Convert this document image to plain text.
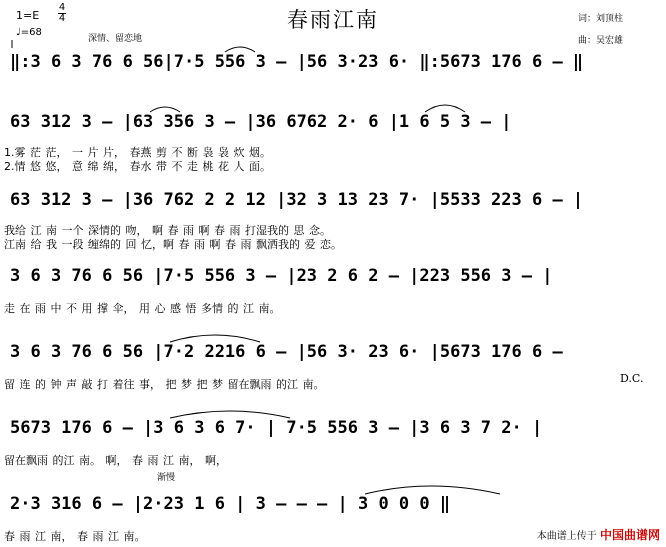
春雨江南
1=E
4
4
♩=68
深情、留恋地
词：刘顶柱
曲：吴宏雄
‖:3 6 3 76 6 56|7·5 556 3 – |56 3·23 6· ‖:5673 176 6 – ‖
63 312 3 – |63 356 3 – |36 6762 2· 6 |1 6 5 3 – |
1.雾 茫 茫， 一 片 片， 春燕 剪 不 断 袅 袅 炊 烟。
2.情 悠 悠， 意 绵 绵， 春水 带 不 走 桃 花 人 面。
63 312 3 – |36 762 2 2 12 |32 3 13 23 7· |5533 223 6 – |
我给 江 南 一个 深情的 吻， 啊 春 雨 啊 春 雨 打湿我的 思 念。
江南 给 我 一段 缠绵的 回 忆，啊 春 雨 啊 春 雨 飘洒我的 爱 恋。
3 6 3 76 6 56 |7·5 556 3 – |23 2 6 2 – |223 556 3 – |
走 在 雨 中 不 用 撑 伞， 用 心 感 悟 多情 的 江 南。
3 6 3 76 6 56 |7·2 2216 6 – |56 3· 23 6· |5673 176 6 –
留 连 的 钟 声 敲 打 着往 事， 把 梦 把 梦 留在飘雨 的江 南。	D.C.
5673 176 6 – |3 6 3 6 7· | 7·5 556 3 – |3 6 3 7 2· |
留在飘雨 的江 南。 啊， 春 雨 江 南， 啊，
渐慢
2·3 316 6 – |2·23 1 6 | 3 – – – | 3 0 0 0 ‖
春 雨 江 南， 春 雨 江 南。	本曲谱上传于 中国曲谱网
